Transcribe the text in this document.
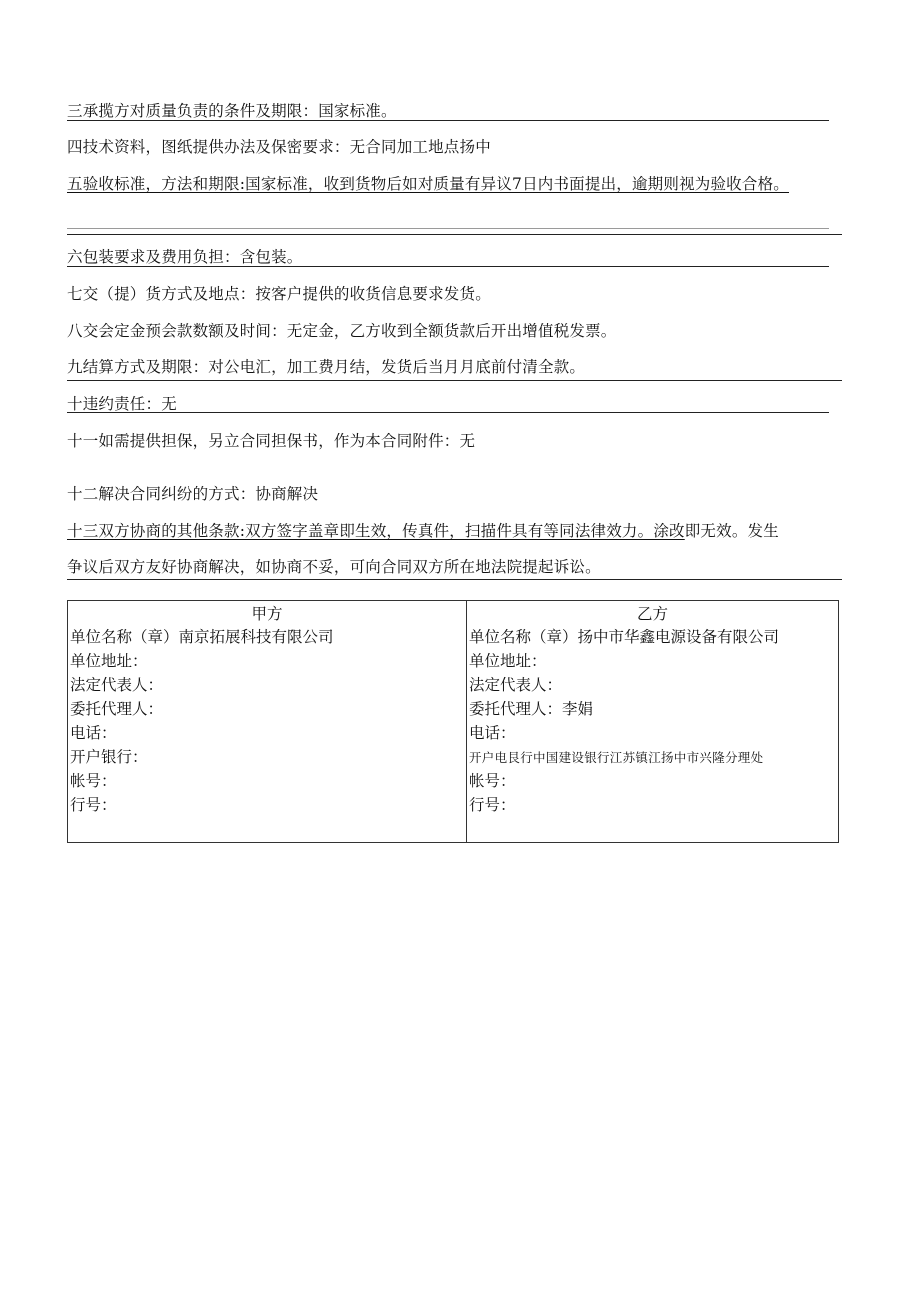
三承揽方对质量负责的条件及期限：国家标准。
四技术资料，图纸提供办法及保密要求：无合同加工地点扬中
五验收标准，方法和期限:国家标准，收到货物后如对质量有异议7日内书面提出，逾期则视为验收合格。
六包装要求及费用负担：含包装。
七交（提）货方式及地点：按客户提供的收货信息要求发货。
八交会定金预会款数额及时间：无定金，乙方收到全额货款后开出增值税发票。
九结算方式及期限：对公电汇，加工费月结，发货后当月月底前付清全款。
十违约责任：无
十一如需提供担保，另立合同担保书，作为本合同附件：无
十二解决合同纠纷的方式：协商解决
十三双方协商的其他条款:双方签字盖章即生效，传真件，扫描件具有等同法律效力。涂改即无效。发生
争议后双方友好协商解决，如协商不妥，可向合同双方所在地法院提起诉讼。
甲方
单位名称（章）南京拓展科技有限公司
单位地址：
法定代表人：
委托代理人：
电话：
开户银行：
帐号：
行号：
乙方
单位名称（章）扬中市华鑫电源设备有限公司
单位地址：
法定代表人：
委托代理人：李娟
电话：
开户电艮行中国建设银行江苏镇江扬中市兴隆分理处
帐号：
行号：
